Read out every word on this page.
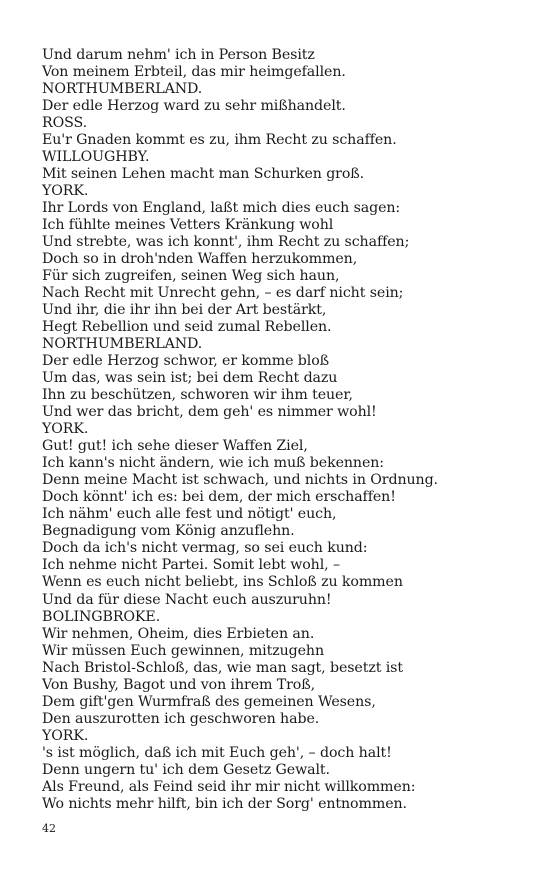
Und darum nehm' ich in Person Besitz
Von meinem Erbteil, das mir heimgefallen.
NORTHUMBERLAND.
Der edle Herzog ward zu sehr mißhandelt.
ROSS.
Eu'r Gnaden kommt es zu, ihm Recht zu schaffen.
WILLOUGHBY.
Mit seinen Lehen macht man Schurken groß.
YORK.
Ihr Lords von England, laßt mich dies euch sagen:
Ich fühlte meines Vetters Kränkung wohl
Und strebte, was ich konnt', ihm Recht zu schaffen;
Doch so in droh'nden Waffen herzukommen,
Für sich zugreifen, seinen Weg sich haun,
Nach Recht mit Unrecht gehn, – es darf nicht sein;
Und ihr, die ihr ihn bei der Art bestärkt,
Hegt Rebellion und seid zumal Rebellen.
NORTHUMBERLAND.
Der edle Herzog schwor, er komme bloß
Um das, was sein ist; bei dem Recht dazu
Ihn zu beschützen, schworen wir ihm teuer,
Und wer das bricht, dem geh' es nimmer wohl!
YORK.
Gut! gut! ich sehe dieser Waffen Ziel,
Ich kann's nicht ändern, wie ich muß bekennen:
Denn meine Macht ist schwach, und nichts in Ordnung.
Doch könnt' ich es: bei dem, der mich erschaffen!
Ich nähm' euch alle fest und nötigt' euch,
Begnadigung vom König anzuflehn.
Doch da ich's nicht vermag, so sei euch kund:
Ich nehme nicht Partei. Somit lebt wohl, –
Wenn es euch nicht beliebt, ins Schloß zu kommen
Und da für diese Nacht euch auszuruhn!
BOLINGBROKE.
Wir nehmen, Oheim, dies Erbieten an.
Wir müssen Euch gewinnen, mitzugehn
Nach Bristol-Schloß, das, wie man sagt, besetzt ist
Von Bushy, Bagot und von ihrem Troß,
Dem gift'gen Wurmfraß des gemeinen Wesens,
Den auszurotten ich geschworen habe.
YORK.
's ist möglich, daß ich mit Euch geh', – doch halt!
Denn ungern tu' ich dem Gesetz Gewalt.
Als Freund, als Feind seid ihr mir nicht willkommen:
Wo nichts mehr hilft, bin ich der Sorg' entnommen.
42
